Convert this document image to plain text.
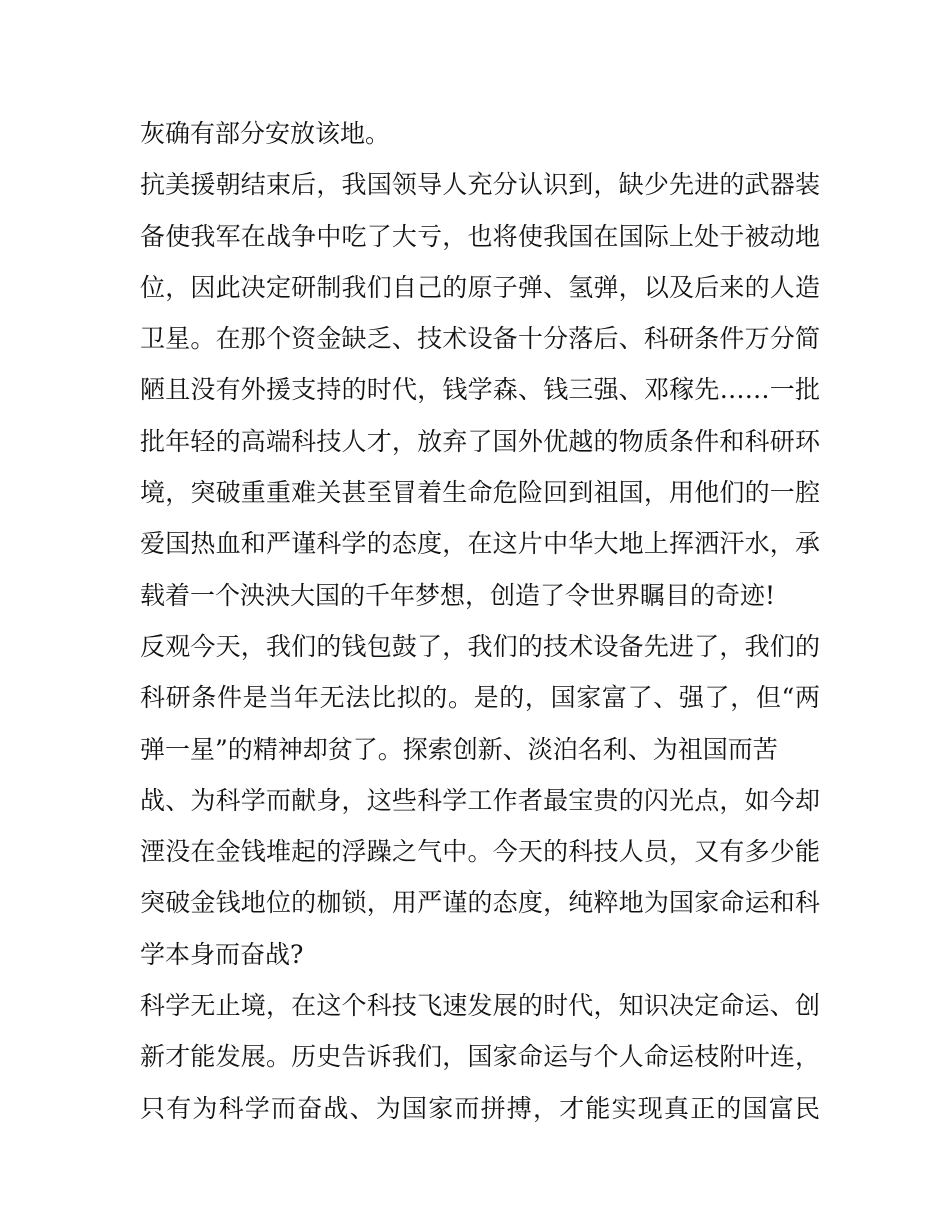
灰确有部分安放该地。
抗美援朝结束后，我国领导人充分认识到，缺少先进的武器装
备使我军在战争中吃了大亏，也将使我国在国际上处于被动地
位，因此决定研制我们自己的原子弹、氢弹，以及后来的人造
卫星。在那个资金缺乏、技术设备十分落后、科研条件万分简
陋且没有外援支持的时代，钱学森、钱三强、邓稼先……一批
批年轻的高端科技人才，放弃了国外优越的物质条件和科研环
境，突破重重难关甚至冒着生命危险回到祖国，用他们的一腔
爱国热血和严谨科学的态度，在这片中华大地上挥洒汗水，承
载着一个泱泱大国的千年梦想，创造了令世界瞩目的奇迹!
反观今天，我们的钱包鼓了，我们的技术设备先进了，我们的
科研条件是当年无法比拟的。是的，国家富了、强了，但“两
弹一星”的精神却贫了。探索创新、淡泊名利、为祖国而苦
战、为科学而献身，这些科学工作者最宝贵的闪光点，如今却
湮没在金钱堆起的浮躁之气中。今天的科技人员，又有多少能
突破金钱地位的枷锁，用严谨的态度，纯粹地为国家命运和科
学本身而奋战?
科学无止境，在这个科技飞速发展的时代，知识决定命运、创
新才能发展。历史告诉我们，国家命运与个人命运枝附叶连，
只有为科学而奋战、为国家而拼搏，才能实现真正的国富民
